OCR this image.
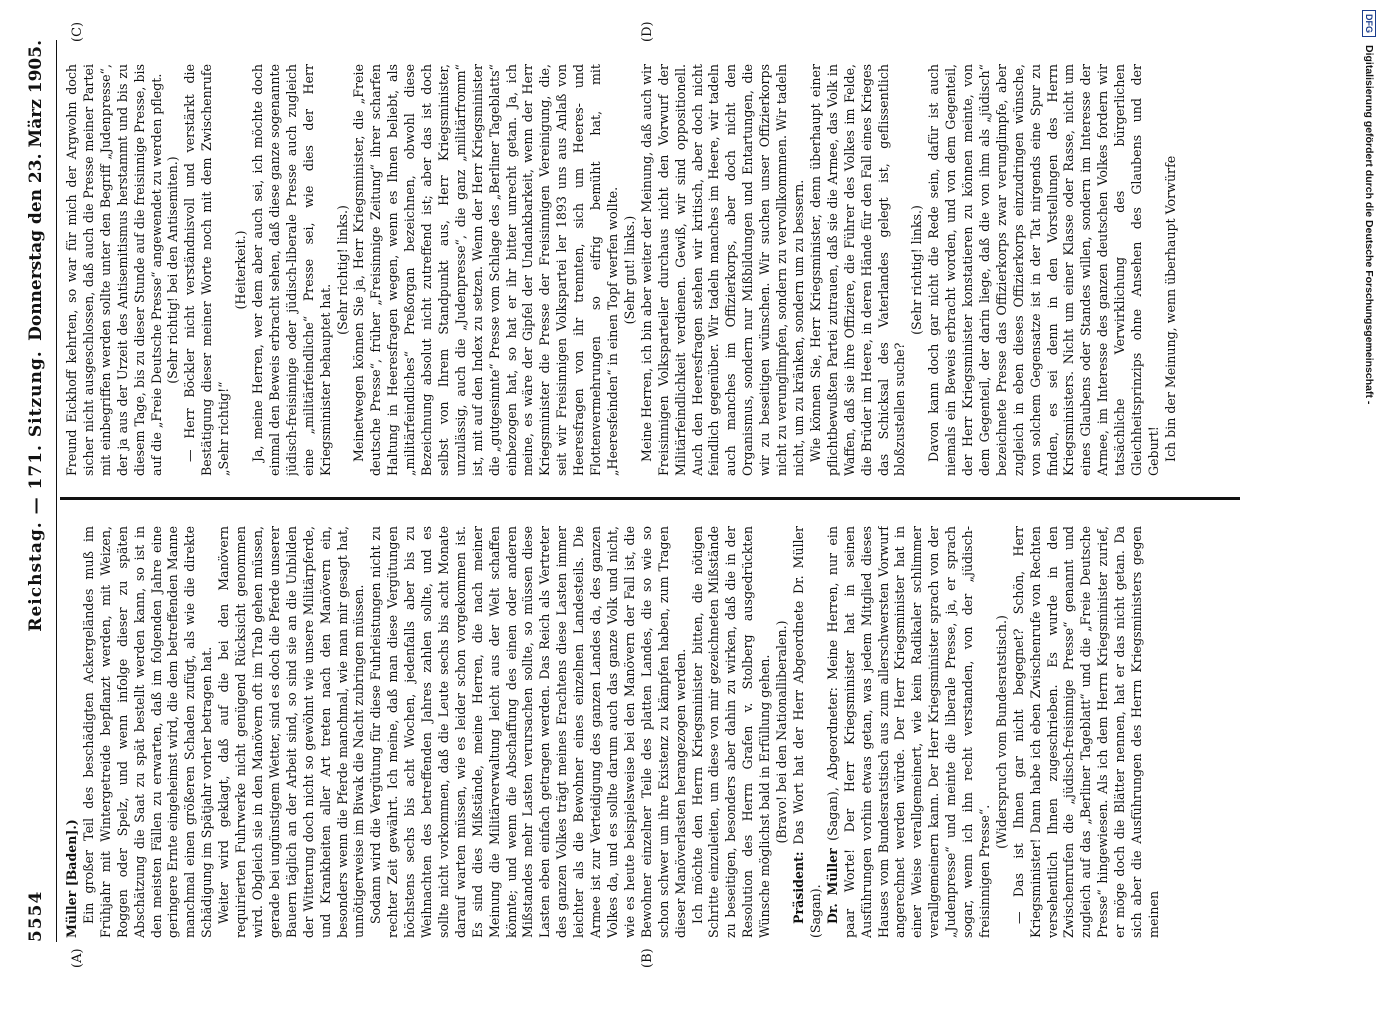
5554
Reichstag. — 171. Sitzung.
Donnerstag den 23. März 1905.
(A)	(B)
(C)	(D)

Müller [Baden].) Ein großer Teil des beschädigten Ackergeländes muß im Frühjahr mit Wintergetreide bepflanzt werden, mit Weizen, Roggen oder Spelz, und wenn infolge dieser zu späten Abschätzung die Saat zu spät bestellt werden kann, so ist in den meisten Fällen zu erwarten, daß im folgenden Jahre eine geringere Ernte eingeheimst wird, die dem betreffenden Manne manchmal einen größeren Schaden zufügt, als wie die direkte Schädigung im Spätjahr vorher betragen hat. Weiter wird geklagt, daß auf die bei den Manövern requirierten Fuhrwerke nicht genügend Rücksicht genommen wird. Obgleich sie in den Manövern oft im Trab gehen müssen, gerade bei ungünstigem Wetter, sind es doch die Pferde unserer Bauern täglich an der Arbeit sind, so sind sie an die Unbilden der Witterung doch nicht so gewöhnt wie unsere Militärpferde, und Krankheiten aller Art treten nach den Manövern ein, besonders wenn die Pferde manchmal, wie man mir gesagt hat, unnötigerweise im Biwak die Nacht zubringen müssen. Sodann wird die Vergütung für diese Fuhrleistungen nicht zu rechter Zeit gewährt. Ich meine, daß man diese Vergütungen höchstens sechs bis acht Wochen, jedenfalls aber bis zu Weihnachten des betreffenden Jahres zahlen sollte, und es sollte nicht vorkommen, daß die Leute sechs bis acht Monate darauf warten müssen, wie es leider schon vorgekommen ist. Es sind dies Mißstände, meine Herren, die nach meiner Meinung die Militärverwaltung leicht aus der Welt schaffen könnte; und wenn die Abschaffung des einen oder anderen Mißstandes mehr Lasten verursachen sollte, so müssen diese Lasten eben einfach getragen werden. Das Reich als Vertreter des ganzen Volkes trägt meines Erachtens diese Lasten immer leichter als die Bewohner eines einzelnen Landesteils. Die Armee ist zur Verteidigung des ganzen Landes da, des ganzen Volkes da, und es sollte darum auch das ganze Volk und nicht, wie es heute beispielsweise bei den Manövern der Fall ist, die Bewohner einzelner Teile des platten Landes, die so wie so schon schwer um ihre Existenz zu kämpfen haben, zum Tragen dieser Manöverlasten herangezogen werden. Ich möchte den Herrn Kriegsminister bitten, die nötigen Schritte einzuleiten, um diese von mir gezeichneten Mißstände zu beseitigen, besonders aber dahin zu wirken, daß die in der Resolution des Herrn Grafen v. Stolberg ausgedrückten Wünsche möglichst bald in Erfüllung gehen. (Bravo! bei den Nationalliberalen.)

Präsident: Das Wort hat der Herr Abgeordnete Dr. Müller (Sagan). Dr. Müller (Sagan), Abgeordneter: Meine Herren, nur ein paar Worte! Der Herr Kriegsminister hat in seinen Ausführungen vorhin etwas getan, was jedem Mitglied dieses Hauses vom Bundesratstisch aus zum allerschwersten Vorwurf angerechnet werden würde. Der Herr Kriegsminister hat in einer Weise verallgemeinert, wie kein Radikaler schlimmer verallgemeinern kann. Der Herr Kriegsminister sprach von der „Judenpresse“ und meinte die liberale Presse, ja, er sprach sogar, wenn ich ihn recht verstanden, von der „jüdisch-freisinnigen Presse“.

(Widerspruch vom Bundesratstisch.) — Das ist Ihnen gar nicht begegnet? Schön, Herr Kriegsminister! Dann habe ich eben Zwischenrufe von Rechten versehentlich Ihnen zugeschrieben. Es wurde in den Zwischenrufen die „jüdisch-freisinnige Presse“ genannt und zugleich auf das „Berliner Tageblatt“ und die „Freie Deutsche Presse“ hingewiesen. Als ich dem Herrn Kriegsminister zurief, er möge doch die Blätter nennen, hat er das nicht getan. Da sich aber die Ausführungen des Herrn Kriegsministers gegen meinen

Freund Eickhoff kehrten, so war für mich der Argwohn doch sicher nicht ausgeschlossen, daß auch die Presse meiner Partei mit einbegriffen werden sollte unter den Begriff „Judenpresse“, der ja aus der Urzeit des Antisemitismus herstammt und bis zu diesem Tage, bis zu dieser Stunde auf die freisinnige Presse, bis auf die „Freie Deutsche Presse“ angewendet zu werden pflegt. (Sehr richtig! bei den Antisemiten.) — Herr Böckler nicht verständnisvoll und verstärkt die Bestätigung dieser meiner Worte noch mit dem Zwischenrufe „Sehr richtig!“

(Heiterkeit.) Ja, meine Herren, wer dem aber auch sei, ich möchte doch einmal den Beweis erbracht sehen, daß diese ganze sogenannte jüdisch-freisinnige oder jüdisch-liberale Presse auch zugleich eine „militärfeindliche“ Presse sei, wie dies der Herr Kriegsminister behauptet hat.

(Sehr richtig! links.) Meinetwegen können Sie ja, Herr Kriegsminister, die „Freie deutsche Presse“, früher „Freisinnige Zeitung“ ihrer scharfen Haltung in Heeresfragen wegen, wenn es Ihnen beliebt, als „militärfeindliches“ Preßorgan bezeichnen, obwohl diese Bezeichnung absolut nicht zutreffend ist; aber das ist doch selbst von Ihrem Standpunkt aus, Herr Kriegsminister, unzulässig, auch die „Judenpresse“, die ganz „militärfromm“ ist, mit auf den Index zu setzen. Wenn der Herr Kriegsminister die „gutgesinnte“ Presse vom Schlage des „Berliner Tageblatts“ einbezogen hat, so hat er ihr bitter unrecht getan. Ja, ich meine, es wäre der Gipfel der Undankbarkeit, wenn der Herr Kriegsminister die Presse der Freisinnigen Vereinigung, die, seit wir Freisinnigen Volkspartei ler 1893 uns aus Anlaß von Heeresfragen von ihr trennten, sich um Heeres- und Flottenvermehrungen so eifrig bemüht hat, mit „Heeresfeinden“ in einen Topf werfen wollte. (Sehr gut! links.) Meine Herren, ich bin aber weiter der Meinung, daß auch wir Freisinnigen Volksparteiler durchaus nicht den Vorwurf der Militärfeindlichkeit verdienen. Gewiß, wir sind oppositionell. Auch den Heeresfragen stehen wir kritisch, aber doch nicht feindlich gegenüber. Wir tadeln manches im Heere, wir tadeln auch manches im Offizierkorps, aber doch nicht den Organismus, sondern nur Mißbildungen und Entartungen, die wir zu beseitigen wünschen. Wir suchen unser Offizierkorps nicht zu verunglimpfen, sondern zu vervollkommnen. Wir tadeln nicht, um zu kränken, sondern um zu bessern. Wie können Sie, Herr Kriegsminister, denn überhaupt einer pflichtbewußten Partei zutrauen, daß sie die Armee, das Volk in Waffen, daß sie ihre Offiziere, die Führer des Volkes im Felde, die Brüder im Heere, in deren Hände für den Fall eines Krieges das Schicksal des Vaterlandes gelegt ist, geflissentlich bloßzustellen suche?

(Sehr richtig! links.) Davon kann doch gar nicht die Rede sein, dafür ist auch niemals ein Beweis erbracht worden, und von dem Gegenteil, der Herr Kriegsminister konstatieren zu können meinte, von dem Gegenteil, der darin liege, daß die von ihm als „jüdisch“ bezeichnete Presse das Offizierkorps zwar verunglimpfe, aber zugleich in eben dieses Offizierkorps einzudringen wünsche, von solchem Gegensatze ist in der Tat nirgends eine Spur zu finden, es sei denn in den Vorstellungen des Herrn Kriegsministers. Nicht um einer Klasse oder Rasse, nicht um eines Glaubens oder Standes willen, sondern im Interesse der Armee, im Interesse des ganzen deutschen Volkes fordern wir tatsächliche Verwirklichung des bürgerlichen Gleichheitsprinzips ohne Ansehen des Glaubens und der Geburt! Ich bin der Meinung, wenn überhaupt Vorwürfe

DFG
Digitalisierung gefördert durch die Deutsche Forschungsgemeinschaft -
